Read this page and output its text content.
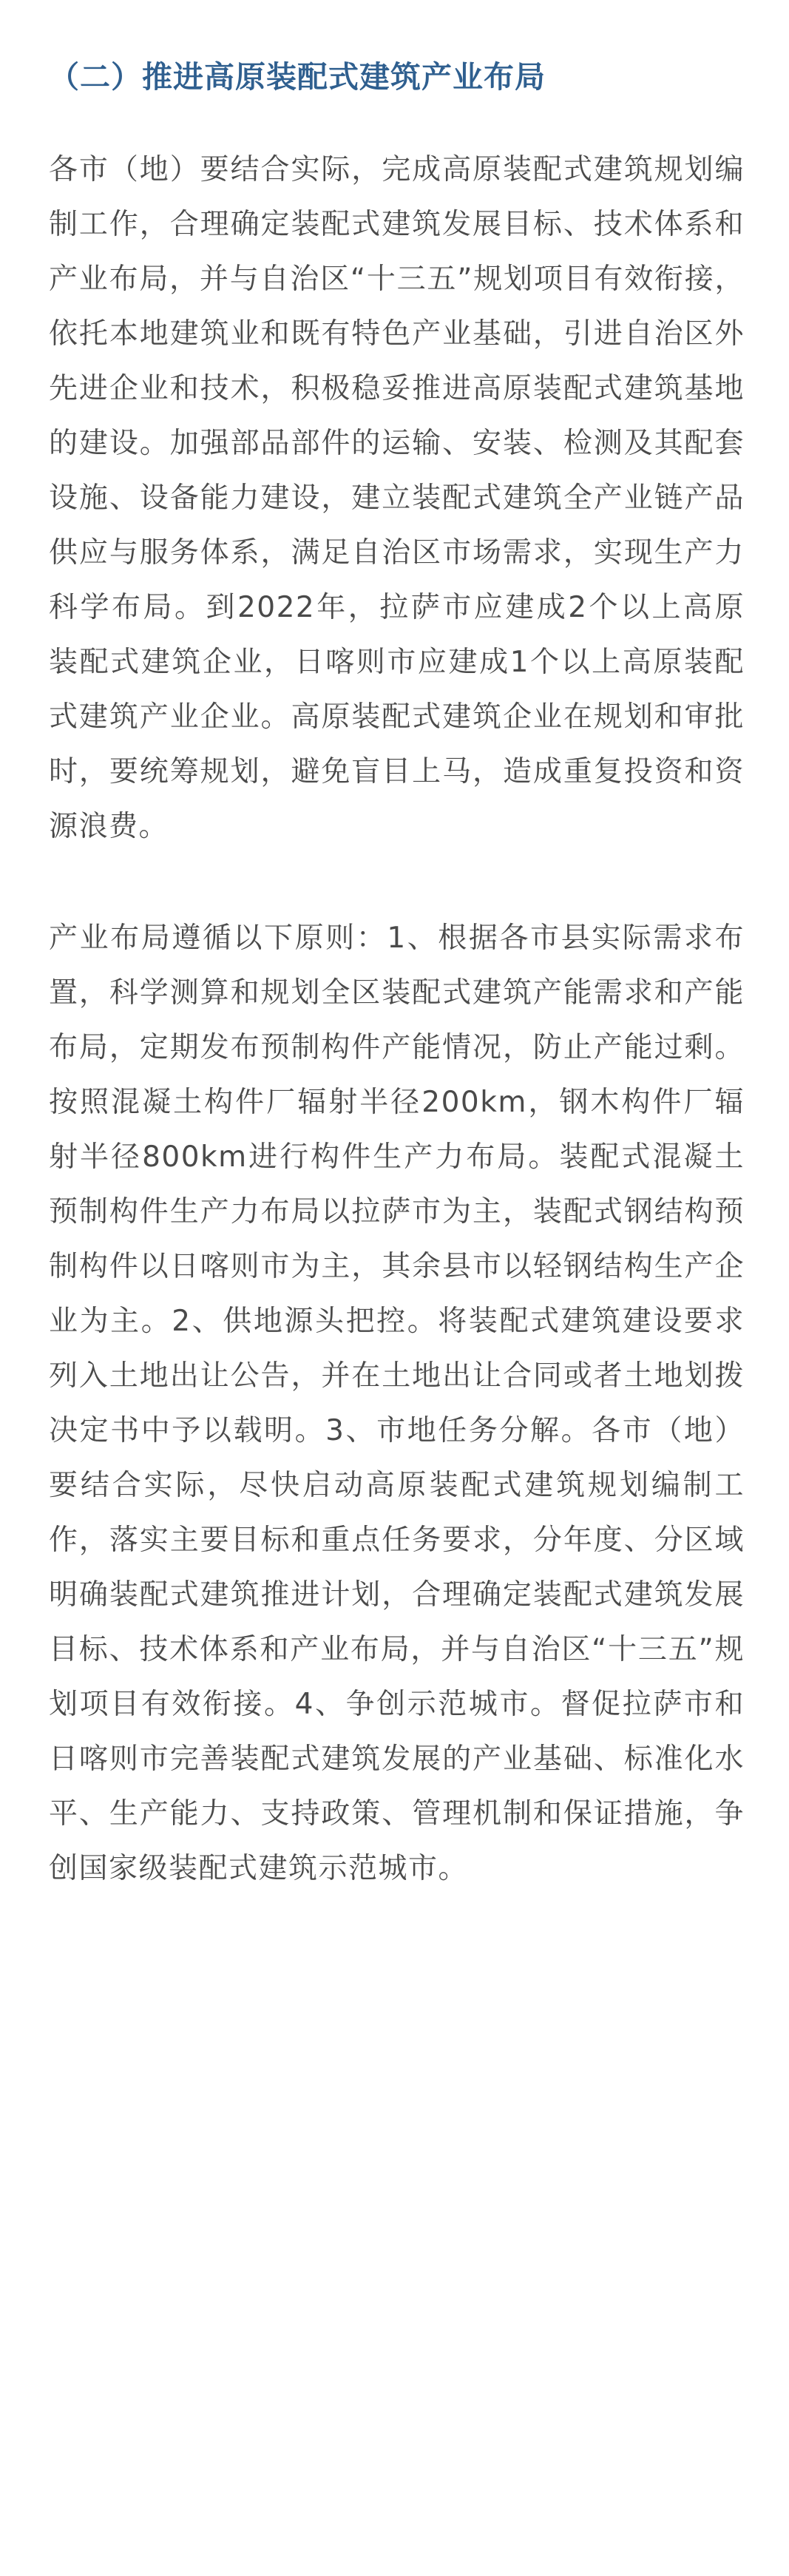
（二）推进高原装配式建筑产业布局

各市（地）要结合实际，完成高原装配式建筑规划编制工作，合理确定装配式建筑发展目标、技术体系和产业布局，并与自治区“十三五”规划项目有效衔接，依托本地建筑业和既有特色产业基础，引进自治区外先进企业和技术，积极稳妥推进高原装配式建筑基地的建设。加强部品部件的运输、安装、检测及其配套设施、设备能力建设，建立装配式建筑全产业链产品供应与服务体系，满足自治区市场需求，实现生产力科学布局。到2022年，拉萨市应建成2个以上高原装配式建筑企业，日喀则市应建成1个以上高原装配式建筑产业企业。高原装配式建筑企业在规划和审批时，要统筹规划，避免盲目上马，造成重复投资和资源浪费。

产业布局遵循以下原则：1、根据各市县实际需求布置，科学测算和规划全区装配式建筑产能需求和产能布局，定期发布预制构件产能情况，防止产能过剩。按照混凝土构件厂辐射半径200km，钢木构件厂辐射半径800km进行构件生产力布局。装配式混凝土预制构件生产力布局以拉萨市为主，装配式钢结构预制构件以日喀则市为主，其余县市以轻钢结构生产企业为主。2、供地源头把控。将装配式建筑建设要求列入土地出让公告，并在土地出让合同或者土地划拨决定书中予以载明。3、市地任务分解。各市（地）要结合实际，尽快启动高原装配式建筑规划编制工作，落实主要目标和重点任务要求，分年度、分区域明确装配式建筑推进计划，合理确定装配式建筑发展目标、技术体系和产业布局，并与自治区“十三五”规划项目有效衔接。4、争创示范城市。督促拉萨市和日喀则市完善装配式建筑发展的产业基础、标准化水平、生产能力、支持政策、管理机制和保证措施，争创国家级装配式建筑示范城市。
